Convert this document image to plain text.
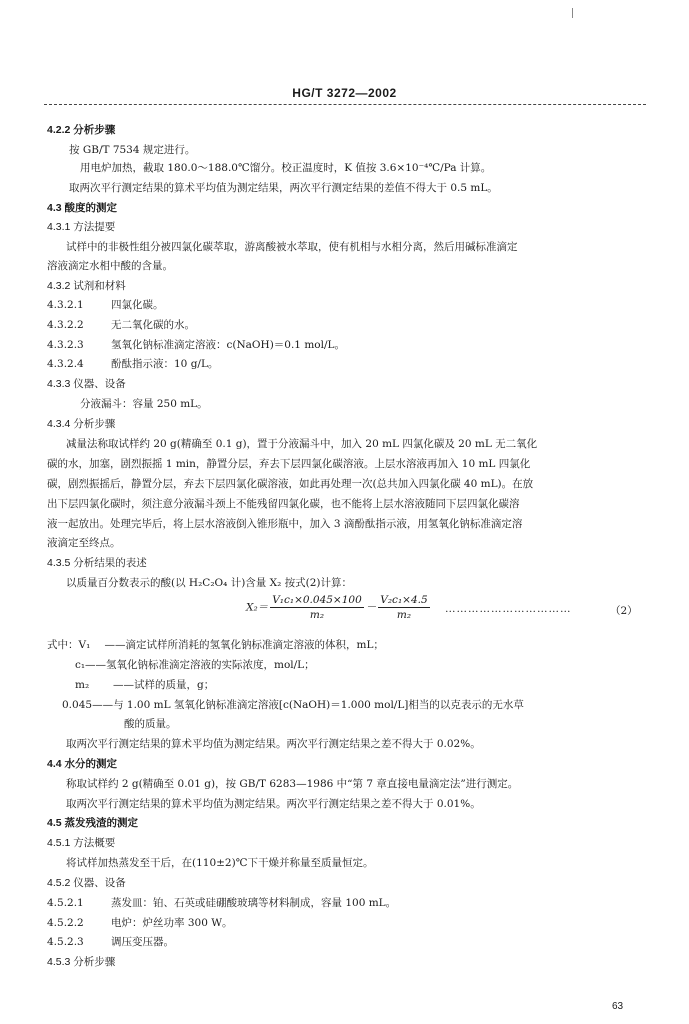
HG/T 3272—2002
4.2.2 分析步骤
按 GB/T 7534 规定进行。
用电炉加热，截取 180.0～188.0℃馏分。校正温度时，K 值按 3.6×10⁻⁴℃/Pa 计算。
取两次平行测定结果的算术平均值为测定结果，两次平行测定结果的差值不得大于 0.5 mL。
4.3 酸度的测定
4.3.1 方法提要
试样中的非极性组分被四氯化碳萃取，游离酸被水萃取，使有机相与水相分离，然后用碱标准滴定
溶液滴定水相中酸的含量。
4.3.2 试剂和材料
4.3.2.1	四氯化碳。
4.3.2.2	无二氧化碳的水。
4.3.2.3	氢氧化钠标准滴定溶液：c(NaOH)＝0.1 mol/L。
4.3.2.4	酚酞指示液：10 g/L。
4.3.3 仪器、设备
分液漏斗：容量 250 mL。
4.3.4 分析步骤
减量法称取试样约 20 g(精确至 0.1 g)，置于分液漏斗中，加入 20 mL 四氯化碳及 20 mL 无二氧化
碳的水，加塞，剧烈振摇 1 min，静置分层，弃去下层四氯化碳溶液。上层水溶液再加入 10 mL 四氯化
碳，剧烈振摇后，静置分层，弃去下层四氯化碳溶液，如此再处理一次(总共加入四氯化碳 40 mL)。在放
出下层四氯化碳时，须注意分液漏斗颈上不能残留四氯化碳，也不能将上层水溶液随同下层四氯化碳溶
液一起放出。处理完毕后，将上层水溶液倒入锥形瓶中，加入 3 滴酚酞指示液，用氢氧化钠标准滴定溶
液滴定至终点。
4.3.5 分析结果的表述
以质量百分数表示的酸(以 H₂C₂O₄ 计)含量 X₂ 按式(2)计算：
$X_2= \frac{\text{V₁c₁×0.045×100}}{\text{m₂}} - \frac{\text{V₂c₁×4.5}}{\text{m₂}}$ ……………………………	（2）
式中：V₁ ——滴定试样所消耗的氢氧化钠标准滴定溶液的体积，mL；
c₁——氢氧化钠标准滴定溶液的实际浓度，mol/L；
m₂ ——试样的质量，g；
0.045——与 1.00 mL 氢氧化钠标准滴定溶液[c(NaOH)＝1.000 mol/L]相当的以克表示的无水草
酸的质量。
取两次平行测定结果的算术平均值为测定结果。两次平行测定结果之差不得大于 0.02%。
4.4 水分的测定
称取试样约 2 g(精确至 0.01 g)，按 GB/T 6283—1986 中“第 7 章直接电量滴定法”进行测定。
取两次平行测定结果的算术平均值为测定结果。两次平行测定结果之差不得大于 0.01%。
4.5 蒸发残渣的测定
4.5.1 方法概要
将试样加热蒸发至干后，在(110±2)℃下干燥并称量至质量恒定。
4.5.2 仪器、设备
4.5.2.1	蒸发皿：铂、石英或硅硼酸玻璃等材料制成，容量 100 mL。
4.5.2.2	电炉：炉丝功率 300 W。
4.5.2.3	调压变压器。
4.5.3 分析步骤
63
